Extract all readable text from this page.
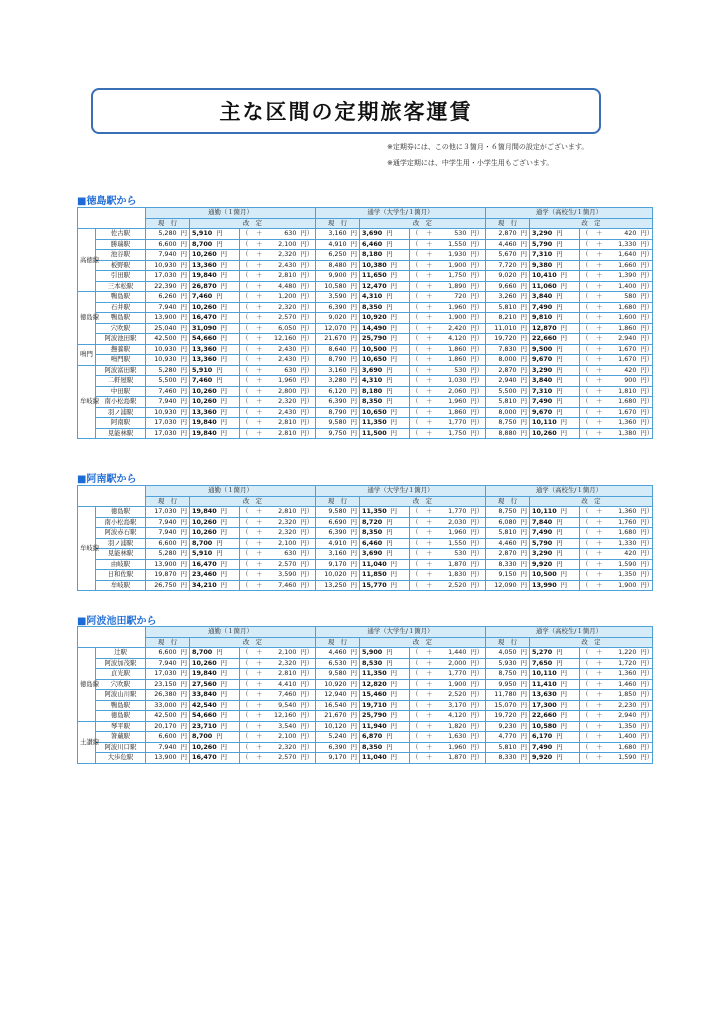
主な区間の定期旅客運賃
※定期券には、この他に３箇月・６箇月間の設定がございます。
※通学定期には、中学生用・小学生用もございます。
■徳島駅から
		通勤（１箇月）			通学（大学生/１箇月）			通学（高校生/１箇月）		
		現　行	改　定		現　行	改　定		現　行	改　定	
高徳線	佐古駅	5,280 円	5,910 円	（ ＋ 630 円）	3,160 円	3,690 円	（ ＋ 530 円）	2,870 円	3,290 円	（ ＋ 420 円）
	勝瑞駅	6,600 円	8,700 円	（ ＋ 2,100 円）	4,910 円	6,460 円	（ ＋ 1,550 円）	4,460 円	5,790 円	（ ＋ 1,330 円）
	池谷駅	7,940 円	10,260 円	（ ＋ 2,320 円）	6,250 円	8,180 円	（ ＋ 1,930 円）	5,670 円	7,310 円	（ ＋ 1,640 円）
	板野駅	10,930 円	13,360 円	（ ＋ 2,430 円）	8,480 円	10,380 円	（ ＋ 1,900 円）	7,720 円	9,380 円	（ ＋ 1,660 円）
	引田駅	17,030 円	19,840 円	（ ＋ 2,810 円）	9,900 円	11,650 円	（ ＋ 1,750 円）	9,020 円	10,410 円	（ ＋ 1,390 円）
	三本松駅	22,390 円	26,870 円	（ ＋ 4,480 円）	10,580 円	12,470 円	（ ＋ 1,890 円）	9,660 円	11,060 円	（ ＋ 1,400 円）
徳島線	鴨島駅	6,260 円	7,460 円	（ ＋ 1,200 円）	3,590 円	4,310 円	（ ＋ 720 円）	3,260 円	3,840 円	（ ＋ 580 円）
	石井駅	7,940 円	10,260 円	（ ＋ 2,320 円）	6,390 円	8,350 円	（ ＋ 1,960 円）	5,810 円	7,490 円	（ ＋ 1,680 円）
	鴨島駅	13,900 円	16,470 円	（ ＋ 2,570 円）	9,020 円	10,920 円	（ ＋ 1,900 円）	8,210 円	9,810 円	（ ＋ 1,600 円）
	穴吹駅	25,040 円	31,090 円	（ ＋ 6,050 円）	12,070 円	14,490 円	（ ＋ 2,420 円）	11,010 円	12,870 円	（ ＋ 1,860 円）
	阿波池田駅	42,500 円	54,660 円	（ ＋ 12,160 円）	21,670 円	25,790 円	（ ＋ 4,120 円）	19,720 円	22,660 円	（ ＋ 2,940 円）
鳴門	撫養駅	10,930 円	13,360 円	（ ＋ 2,430 円）	8,640 円	10,500 円	（ ＋ 1,860 円）	7,830 円	9,500 円	（ ＋ 1,670 円）
	鳴門駅	10,930 円	13,360 円	（ ＋ 2,430 円）	8,790 円	10,650 円	（ ＋ 1,860 円）	8,000 円	9,670 円	（ ＋ 1,670 円）
牟岐線	阿波富田駅	5,280 円	5,910 円	（ ＋ 630 円）	3,160 円	3,690 円	（ ＋ 530 円）	2,870 円	3,290 円	（ ＋ 420 円）
	二軒屋駅	5,500 円	7,460 円	（ ＋ 1,960 円）	3,280 円	4,310 円	（ ＋ 1,030 円）	2,940 円	3,840 円	（ ＋ 900 円）
	中田駅	7,460 円	10,260 円	（ ＋ 2,800 円）	6,120 円	8,180 円	（ ＋ 2,060 円）	5,500 円	7,310 円	（ ＋ 1,810 円）
	南小松島駅	7,940 円	10,260 円	（ ＋ 2,320 円）	6,390 円	8,350 円	（ ＋ 1,960 円）	5,810 円	7,490 円	（ ＋ 1,680 円）
	羽ノ浦駅	10,930 円	13,360 円	（ ＋ 2,430 円）	8,790 円	10,650 円	（ ＋ 1,860 円）	8,000 円	9,670 円	（ ＋ 1,670 円）
	阿南駅	17,030 円	19,840 円	（ ＋ 2,810 円）	9,580 円	11,350 円	（ ＋ 1,770 円）	8,750 円	10,110 円	（ ＋ 1,360 円）
	見能林駅	17,030 円	19,840 円	（ ＋ 2,810 円）	9,750 円	11,500 円	（ ＋ 1,750 円）	8,880 円	10,260 円	（ ＋ 1,380 円）
■阿南駅から
		通勤（１箇月）			通学（大学生/１箇月）			通学（高校生/１箇月）		
		現　行	改　定		現　行	改　定		現　行	改　定	
牟岐線	徳島駅	17,030 円	19,840 円	（ ＋ 2,810 円）	9,580 円	11,350 円	（ ＋ 1,770 円）	8,750 円	10,110 円	（ ＋ 1,360 円）
	南小松島駅	7,940 円	10,260 円	（ ＋ 2,320 円）	6,690 円	8,720 円	（ ＋ 2,030 円）	6,080 円	7,840 円	（ ＋ 1,760 円）
	阿波赤石駅	7,940 円	10,260 円	（ ＋ 2,320 円）	6,390 円	8,350 円	（ ＋ 1,960 円）	5,810 円	7,490 円	（ ＋ 1,680 円）
	羽ノ浦駅	6,600 円	8,700 円	（ ＋ 2,100 円）	4,910 円	6,460 円	（ ＋ 1,550 円）	4,460 円	5,790 円	（ ＋ 1,330 円）
	見能林駅	5,280 円	5,910 円	（ ＋ 630 円）	3,160 円	3,690 円	（ ＋ 530 円）	2,870 円	3,290 円	（ ＋ 420 円）
	由岐駅	13,900 円	16,470 円	（ ＋ 2,570 円）	9,170 円	11,040 円	（ ＋ 1,870 円）	8,330 円	9,920 円	（ ＋ 1,590 円）
	日和佐駅	19,870 円	23,460 円	（ ＋ 3,590 円）	10,020 円	11,850 円	（ ＋ 1,830 円）	9,150 円	10,500 円	（ ＋ 1,350 円）
	牟岐駅	26,750 円	34,210 円	（ ＋ 7,460 円）	13,250 円	15,770 円	（ ＋ 2,520 円）	12,090 円	13,990 円	（ ＋ 1,900 円）
■阿波池田駅から
		通勤（１箇月）			通学（大学生/１箇月）			通学（高校生/１箇月）		
		現　行	改　定		現　行	改　定		現　行	改　定	
徳島線	辻駅	6,600 円	8,700 円	（ ＋ 2,100 円）	4,460 円	5,900 円	（ ＋ 1,440 円）	4,050 円	5,270 円	（ ＋ 1,220 円）
	阿波加茂駅	7,940 円	10,260 円	（ ＋ 2,320 円）	6,530 円	8,530 円	（ ＋ 2,000 円）	5,930 円	7,650 円	（ ＋ 1,720 円）
	貞光駅	17,030 円	19,840 円	（ ＋ 2,810 円）	9,580 円	11,350 円	（ ＋ 1,770 円）	8,750 円	10,110 円	（ ＋ 1,360 円）
	穴吹駅	23,150 円	27,560 円	（ ＋ 4,410 円）	10,920 円	12,820 円	（ ＋ 1,900 円）	9,950 円	11,410 円	（ ＋ 1,460 円）
	阿波山川駅	26,380 円	33,840 円	（ ＋ 7,460 円）	12,940 円	15,460 円	（ ＋ 2,520 円）	11,780 円	13,630 円	（ ＋ 1,850 円）
	鴨島駅	33,000 円	42,540 円	（ ＋ 9,540 円）	16,540 円	19,710 円	（ ＋ 3,170 円）	15,070 円	17,300 円	（ ＋ 2,230 円）
	徳島駅	42,500 円	54,660 円	（ ＋ 12,160 円）	21,670 円	25,790 円	（ ＋ 4,120 円）	19,720 円	22,660 円	（ ＋ 2,940 円）
土讃線	琴平駅	20,170 円	23,710 円	（ ＋ 3,540 円）	10,120 円	11,940 円	（ ＋ 1,820 円）	9,230 円	10,580 円	（ ＋ 1,350 円）
	箸蔵駅	6,600 円	8,700 円	（ ＋ 2,100 円）	5,240 円	6,870 円	（ ＋ 1,630 円）	4,770 円	6,170 円	（ ＋ 1,400 円）
	阿波川口駅	7,940 円	10,260 円	（ ＋ 2,320 円）	6,390 円	8,350 円	（ ＋ 1,960 円）	5,810 円	7,490 円	（ ＋ 1,680 円）
	大歩危駅	13,900 円	16,470 円	（ ＋ 2,570 円）	9,170 円	11,040 円	（ ＋ 1,870 円）	8,330 円	9,920 円	（ ＋ 1,590 円）
